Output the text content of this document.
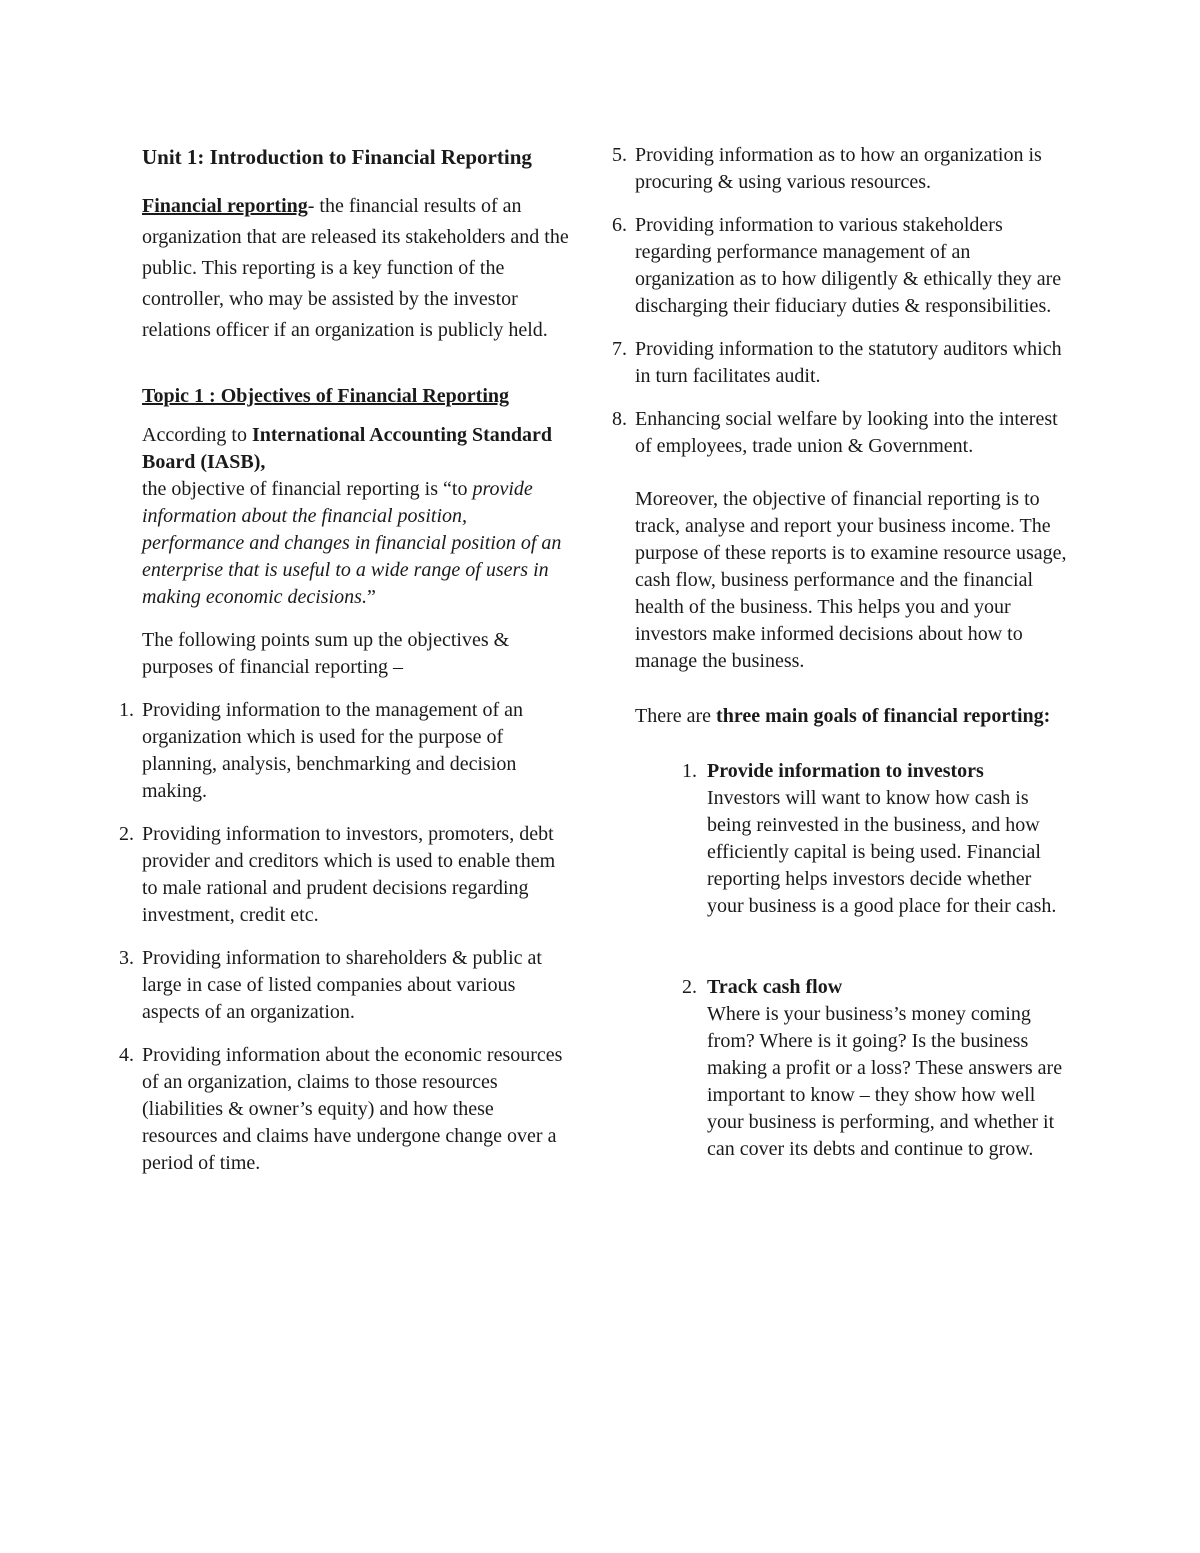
Unit 1: Introduction to Financial Reporting

Financial reporting- the financial results of an organization that are released its stakeholders and the public. This reporting is a key function of the controller, who may be assisted by the investor relations officer if an organization is publicly held.

Topic 1 : Objectives of Financial Reporting

According to International Accounting Standard Board (IASB),
the objective of financial reporting is “to provide information about the financial position, performance and changes in financial position of an enterprise that is useful to a wide range of users in making economic decisions.”

The following points sum up the objectives & purposes of financial reporting –

1. Providing information to the management of an organization which is used for the purpose of planning, analysis, benchmarking and decision making.
2. Providing information to investors, promoters, debt provider and creditors which is used to enable them to male rational and prudent decisions regarding investment, credit etc.
3. Providing information to shareholders & public at large in case of listed companies about various aspects of an organization.
4. Providing information about the economic resources of an organization, claims to those resources (liabilities & owner’s equity) and how these resources and claims have undergone change over a period of time.
5. Providing information as to how an organization is procuring & using various resources.
6. Providing information to various stakeholders regarding performance management of an organization as to how diligently & ethically they are discharging their fiduciary duties & responsibilities.
7. Providing information to the statutory auditors which in turn facilitates audit.
8. Enhancing social welfare by looking into the interest of employees, trade union & Government.

Moreover, the objective of financial reporting is to track, analyse and report your business income. The purpose of these reports is to examine resource usage, cash flow, business performance and the financial health of the business. This helps you and your investors make informed decisions about how to manage the business.

There are three main goals of financial reporting:

1. Provide information to investors
Investors will want to know how cash is being reinvested in the business, and how efficiently capital is being used. Financial reporting helps investors decide whether your business is a good place for their cash.
2. Track cash flow
Where is your business’s money coming from? Where is it going? Is the business making a profit or a loss? These answers are important to know – they show how well your business is performing, and whether it can cover its debts and continue to grow.
